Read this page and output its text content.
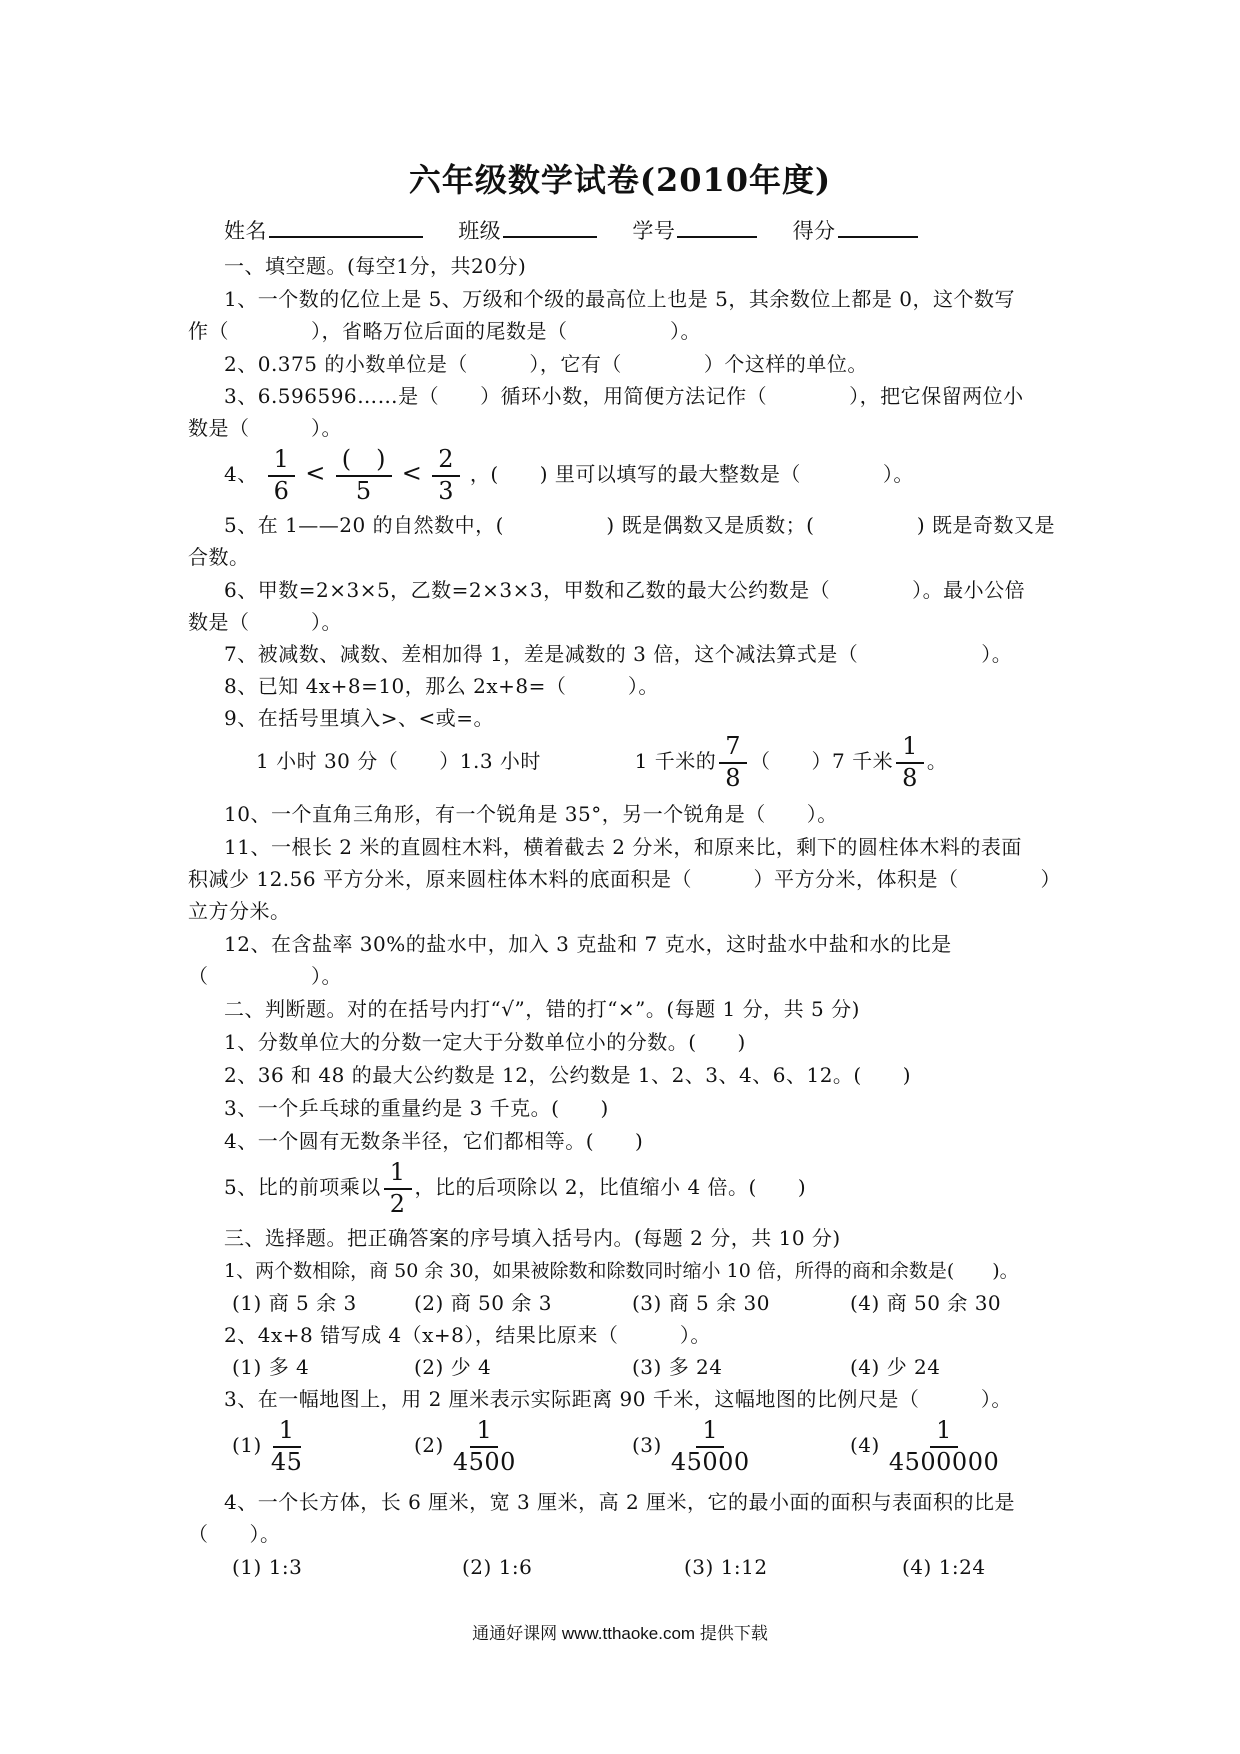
六年级数学试卷(2010年度)
姓名	班级	学号	得分
一、填空题。(每空1分，共20分)
1、一个数的亿位上是 5、万级和个级的最高位上也是 5，其余数位上都是 0，这个数写
作（　　　　），省略万位后面的尾数是（　　　　　）。
2、0.375 的小数单位是（　　　），它有（　　　　）个这样的单位。
3、6.596596……是（　　）循环小数，用简便方法记作（　　　　），把它保留两位小
数是（　　　）。
4、 $\frac{1}{6} < \frac{( )}{5} < \frac{2}{3}$ ，(　　) 里可以填写的最大整数是（　　　　）。
5、在 1——20 的自然数中，(　　　　　) 既是偶数又是质数；(　　　　　) 既是奇数又是
合数。
6、甲数=2×3×5，乙数=2×3×3，甲数和乙数的最大公约数是（　　　　）。最小公倍
数是（　　　）。
7、被减数、减数、差相加得 1，差是减数的 3 倍，这个减法算式是（　　　　　　）。
8、已知 4x+8=10，那么 2x+8=（　　　）。
9、在括号里填入>、<或=。
1 小时 30 分（　　）1.3 小时	1 千米的 $\frac{7}{8}$ （　　）7 千米 $\frac{1}{8}$ 。
10、一个直角三角形，有一个锐角是 35°，另一个锐角是（　　）。
11、一根长 2 米的直圆柱木料，横着截去 2 分米，和原来比，剩下的圆柱体木料的表面
积减少 12.56 平方分米，原来圆柱体木料的底面积是（　　　）平方分米，体积是（　　　　）
立方分米。
12、在含盐率 30%的盐水中，加入 3 克盐和 7 克水，这时盐水中盐和水的比是
（　　　　　）。
二、判断题。对的在括号内打“√”，错的打“×”。(每题 1 分，共 5 分)
1、分数单位大的分数一定大于分数单位小的分数。(　　)
2、36 和 48 的最大公约数是 12，公约数是 1、2、3、4、6、12。(　　)
3、一个乒乓球的重量约是 3 千克。(　　)
4、一个圆有无数条半径，它们都相等。(　　)
5、比的前项乘以 $\frac{1}{2}$ ，比的后项除以 2，比值缩小 4 倍。(　　)
三、选择题。把正确答案的序号填入括号内。(每题 2 分，共 10 分)
1、两个数相除，商 50 余 30，如果被除数和除数同时缩小 10 倍，所得的商和余数是(　　)。
(1) 商 5 余 3	(2) 商 50 余 3	(3) 商 5 余 30	(4) 商 50 余 30
2、4x+8 错写成 4（x+8），结果比原来（　　　）。
(1) 多 4	(2) 少 4	(3) 多 24	(4) 少 24
3、在一幅地图上，用 2 厘米表示实际距离 90 千米，这幅地图的比例尺是（　　　）。
$(1) \frac{1}{45}$	$(2) \frac{1}{4500}$	$(3) \frac{1}{45000}$	$(4) \frac{1}{4500000}$
4、一个长方体，长 6 厘米，宽 3 厘米，高 2 厘米，它的最小面的面积与表面积的比是
（　　）。
(1) 1:3	(2) 1:6	(3) 1:12	(4) 1:24
通通好课网 www.tthaoke.com 提供下载
